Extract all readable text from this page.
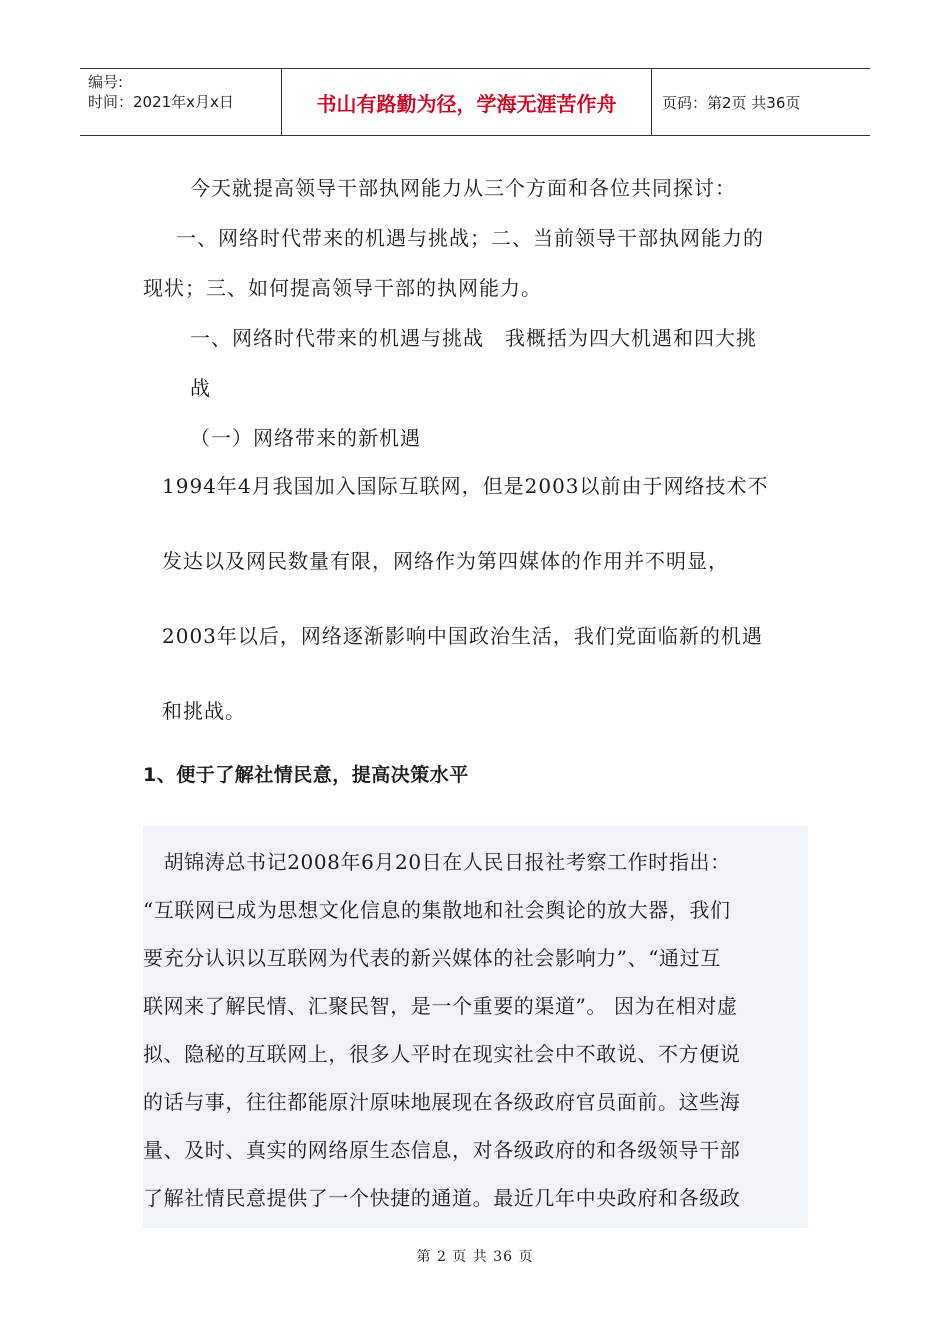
编号:
时间：2021年x月x日	书山有路勤为径，学海无涯苦作舟	页码：第2页 共36页
今天就提高领导干部执网能力从三个方面和各位共同探讨：
一、网络时代带来的机遇与挑战；二、当前领导干部执网能力的
现状；三、如何提高领导干部的执网能力。
一、网络时代带来的机遇与挑战　我概括为四大机遇和四大挑
战
（一）网络带来的新机遇
1994年4月我国加入国际互联网，但是2003以前由于网络技术不
发达以及网民数量有限，网络作为第四媒体的作用并不明显，
2003年以后，网络逐渐影响中国政治生活，我们党面临新的机遇
和挑战。
1、便于了解社情民意，提高决策水平
　胡锦涛总书记2008年6月20日在人民日报社考察工作时指出：
“互联网已成为思想文化信息的集散地和社会舆论的放大器，我们
要充分认识以互联网为代表的新兴媒体的社会影响力”、“通过互
联网来了解民情、汇聚民智，是一个重要的渠道”。 因为在相对虚
拟、隐秘的互联网上，很多人平时在现实社会中不敢说、不方便说
的话与事，往往都能原汁原味地展现在各级政府官员面前。这些海
量、及时、真实的网络原生态信息，对各级政府的和各级领导干部
了解社情民意提供了一个快捷的通道。最近几年中央政府和各级政
第 2 页 共 36 页
